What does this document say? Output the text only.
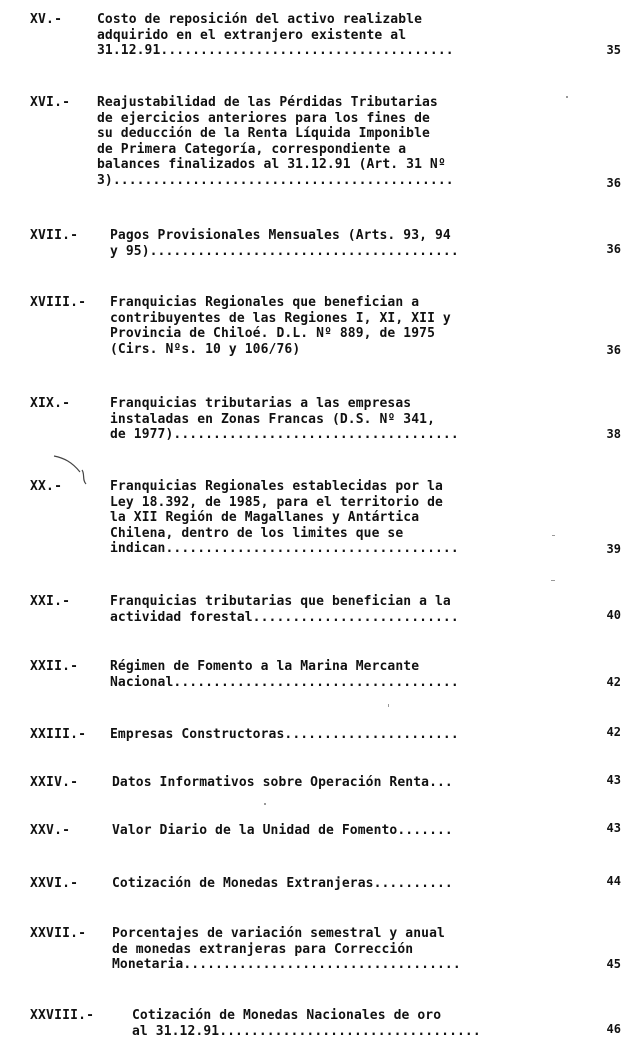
XV.-	Costo de reposición del activo realizable
adquirido en el extranjero existente al
31.12.91.....................................	35
XVI.- Reajustabilidad de las Pérdidas Tributarias
de ejercicios anteriores para los fines de
su deducción de la Renta Líquida Imponible
de Primera Categoría, correspondiente a
balances finalizados al 31.12.91 (Art. 31 Nº
3)...........................................	36
XVII.- Pagos Provisionales Mensuales (Arts. 93, 94
y 95).......................................	36
XVIII.- Franquicias Regionales que benefician a
contribuyentes de las Regiones I, XI, XII y
Provincia de Chiloé. D.L. Nº 889, de 1975
(Cirs. Nºs. 10 y 106/76)	36
XIX.-	Franquicias tributarias a las empresas
instaladas en Zonas Francas (D.S. Nº 341,
de 1977)....................................	38
XX.-	Franquicias Regionales establecidas por la
Ley 18.392, de 1985, para el territorio de
la XII Región de Magallanes y Antártica
Chilena, dentro de los limites que se
indican.....................................	39
XXI.-	Franquicias tributarias que benefician a la
actividad forestal..........................	40
XXII.- Régimen de Fomento a la Marina Mercante
Nacional....................................	42
XXIII.- Empresas Constructoras......................	42
XXIV.-	Datos Informativos sobre Operación Renta...	43
XXV.-	Valor Diario de la Unidad de Fomento.......	43
XXVI.-	Cotización de Monedas Extranjeras..........	44
XXVII.- Porcentajes de variación semestral y anual
de monedas extranjeras para Corrección
Monetaria...................................	45
XXVIII.-	Cotización de Monedas Nacionales de oro
al 31.12.91.................................	46
